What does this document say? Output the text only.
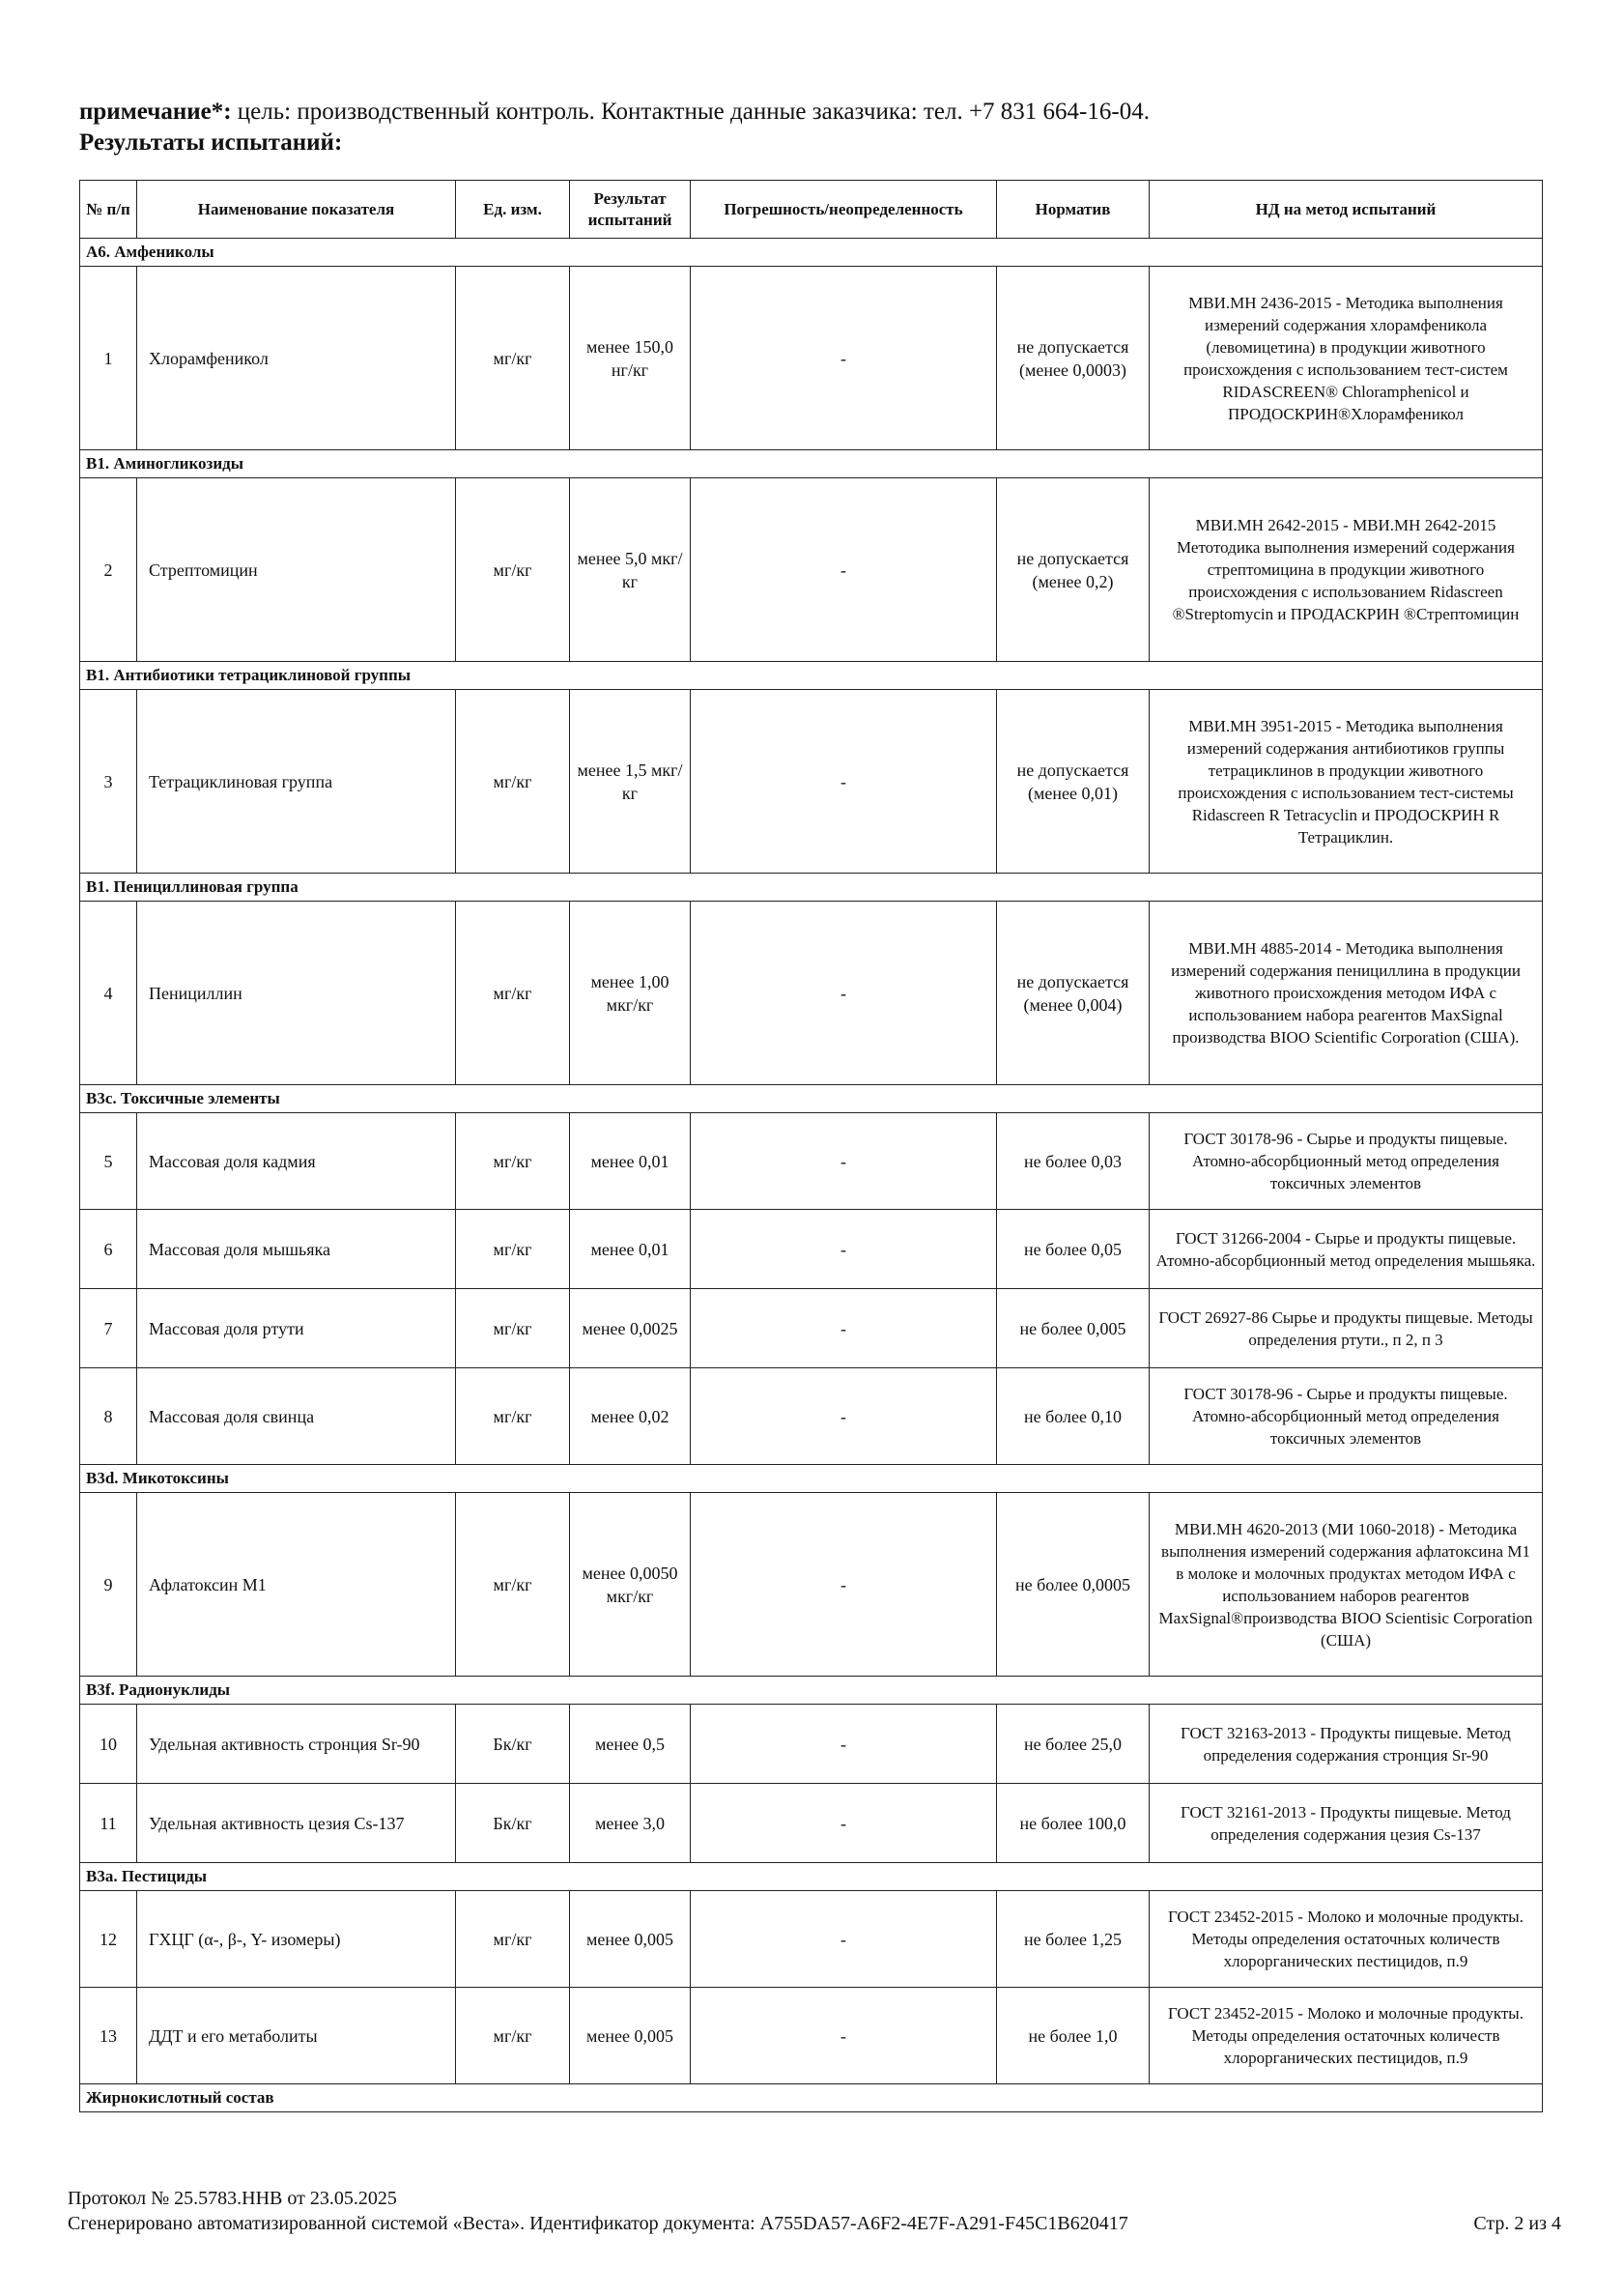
примечание*: цель: производственный контроль. Контактные данные заказчика: тел. +7 831 664-16-04.
Результаты испытаний:
№ п/п	Наименование показателя	Ед. изм.	Результат испытаний	Погрешность/неопределенность	Норматив	НД на метод испытаний
А6. Амфениколы						
1	Хлорамфеникол	мг/кг	менее 150,0 нг/кг	-	не допускается (менее 0,0003)	МВИ.МН 2436-2015 - Методика выполнения измерений содержания хлорамфеникола (левомицетина) в продукции животного происхождения с использованием тест-систем RIDASCREEN® Chloramphenicol и ПРОДОСКРИН®Хлорамфеникол
В1. Аминогликозиды						
2	Стрептомицин	мг/кг	менее 5,0 мкг/кг	-	не допускается (менее 0,2)	МВИ.МН 2642-2015 - МВИ.МН 2642-2015 Метотодика выполнения измерений содержания стрептомицина в продукции животного происхождения с использованием Ridascreen ®Streptomycin и ПРОДАСКРИН ®Стрептомицин
В1. Антибиотики тетрациклиновой группы						
3	Тетрациклиновая группа	мг/кг	менее 1,5 мкг/кг	-	не допускается (менее 0,01)	МВИ.МН 3951-2015 - Методика выполнения измерений содержания антибиотиков группы тетрациклинов в продукции животного происхождения с использованием тест-системы Ridascreen R Tetracyclin и ПРОДОСКРИН R Тетрациклин.
В1. Пенициллиновая группа						
4	Пенициллин	мг/кг	менее 1,00 мкг/кг	-	не допускается (менее 0,004)	МВИ.МН 4885-2014 - Методика выполнения измерений содержания пенициллина в продукции животного происхождения методом ИФА с использованием набора реагентов MaxSignal производства BIOO Scientific Corporation (США).
В3с. Токсичные элементы						
5	Массовая доля кадмия	мг/кг	менее 0,01	-	не более 0,03	ГОСТ 30178-96 - Сырье и продукты пищевые. Атомно-абсорбционный метод определения токсичных элементов
6	Массовая доля мышьяка	мг/кг	менее 0,01	-	не более 0,05	ГОСТ 31266-2004 - Сырье и продукты пищевые. Атомно-абсорбционный метод определения мышьяка.
7	Массовая доля ртути	мг/кг	менее 0,0025	-	не более 0,005	ГОСТ 26927-86 Сырье и продукты пищевые. Методы определения ртути., п 2, п 3
8	Массовая доля свинца	мг/кг	менее 0,02	-	не более 0,10	ГОСТ 30178-96 - Сырье и продукты пищевые. Атомно-абсорбционный метод определения токсичных элементов
В3d. Микотоксины						
9	Афлатоксин М1	мг/кг	менее 0,0050 мкг/кг	-	не более 0,0005	МВИ.МН 4620-2013 (МИ 1060-2018) - Методика выполнения измерений содержания афлатоксина М1 в молоке и молочных продуктах методом ИФА с использованием наборов реагентов MaxSignal®производства BIOO Scientisic Corporation (США)
В3f. Радионуклиды						
10	Удельная активность стронция Sr-90	Бк/кг	менее 0,5	-	не более 25,0	ГОСТ 32163-2013 - Продукты пищевые. Метод определения содержания стронция Sr-90
11	Удельная активность цезия Cs-137	Бк/кг	менее 3,0	-	не более 100,0	ГОСТ 32161-2013 - Продукты пищевые. Метод определения содержания цезия Cs-137
В3а. Пестициды						
12	ГХЦГ (α-, β-, Υ- изомеры)	мг/кг	менее 0,005	-	не более 1,25	ГОСТ 23452-2015 - Молоко и молочные продукты. Методы определения остаточных количеств хлорорганических пестицидов, п.9
13	ДДТ и его метаболиты	мг/кг	менее 0,005	-	не более 1,0	ГОСТ 23452-2015 - Молоко и молочные продукты. Методы определения остаточных количеств хлорорганических пестицидов, п.9
Жирнокислотный состав						
Протокол № 25.5783.ННВ от 23.05.2025
Сгенерировано автоматизированной системой «Веста». Идентификатор документа: A755DA57-A6F2-4E7F-A291-F45C1B620417	Стр. 2 из 4
